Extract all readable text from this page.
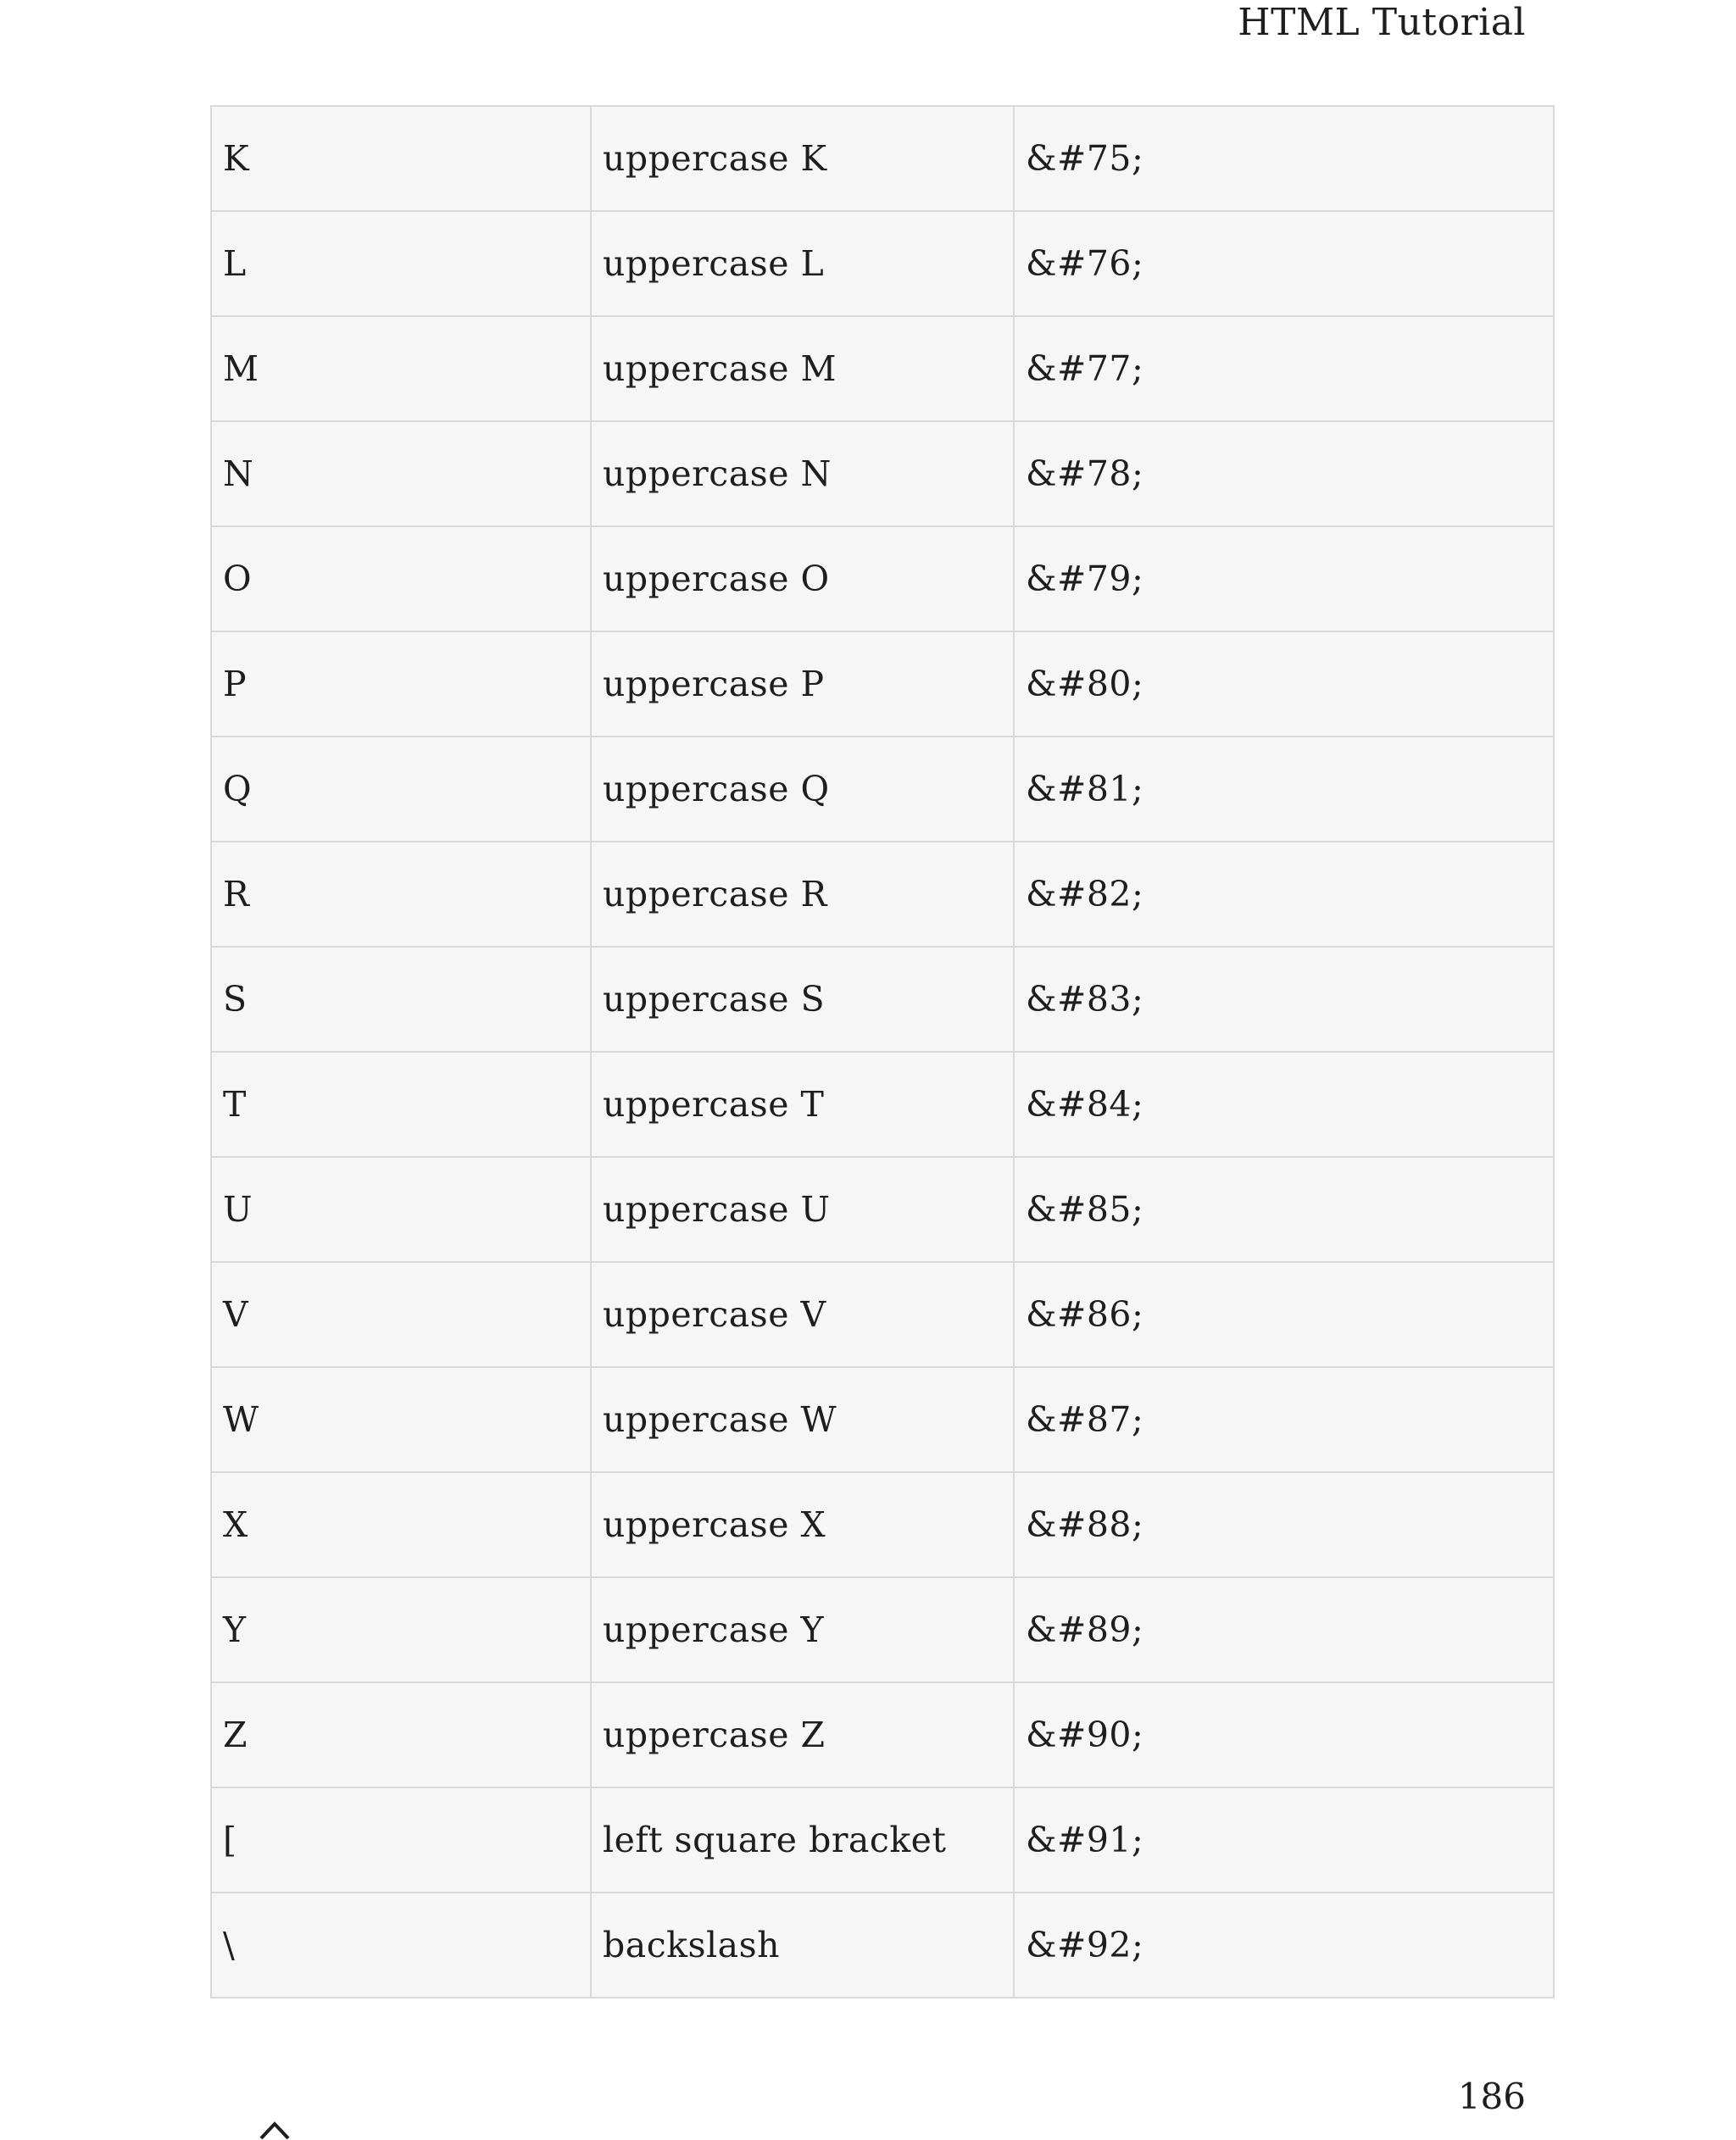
HTML Tutorial
K	uppercase K	&#75;
L	uppercase L	&#76;
M	uppercase M	&#77;
N	uppercase N	&#78;
O	uppercase O	&#79;
P	uppercase P	&#80;
Q	uppercase Q	&#81;
R	uppercase R	&#82;
S	uppercase S	&#83;
T	uppercase T	&#84;
U	uppercase U	&#85;
V	uppercase V	&#86;
W	uppercase W	&#87;
X	uppercase X	&#88;
Y	uppercase Y	&#89;
Z	uppercase Z	&#90;
[	left square bracket	&#91;
\	backslash	&#92;
186
